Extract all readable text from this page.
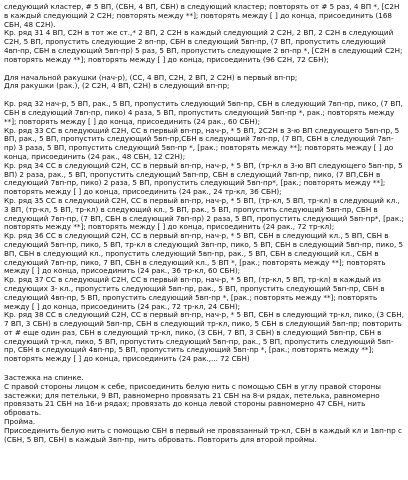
следующий кластер, # 5 ВП, (СБН, 4 ВП, СБН) в следующий кластер; повторять от # 5 раз, 4 ВП *, [С2Н в каждый следующий 2 С2Н; повторять между **]; повторять между [ ] до конца, присоединить (168 СБН, 48 С2Н).

Кр. ряд 31 4 ВП, С2Н в тот же ст.,* 2 ВП, 2 С2Н в каждый следующий 2 С2Н, 2 ВП, 2 С2Н в следующий С2Н, 5 ВП, пропустить следующие 2 вп-пр, СБН в следующий 5вп-пр, (7 ВП, пропустить следующий 4вп-пр, СБН в следующий 5вп-пр) 5 раз, 5 ВП, пропустить следующие 2 вп-пр *, [С2Н в следующий С2Н; повторять между **]; повторять между [ ] до конца, присоединить (96 С2Н, 72 СБН);

Для начальной ракушки (нач-р), (СС, 4 ВП, С2Н, 2 ВП, 2 С2Н) в первый вп-пр;

Для ракушки (рак.), (2 С2Н, 4 ВП, С2Н) в следующий вп-пр;

Кр. ряд 32 нач-р, 5 ВП, рак., 5 ВП, пропустить следующий 5вп-пр, СБН в следующий 7вп-пр, пико, (7 ВП, СБН в следующий 7вп-пр, пико) 4 раза, 5 ВП, пропустить следующий 5вп-пр *, рак.; повторять между **]; повторять между [ ] до конца, присоединить (24 рак., 60 СБН);

Кр. ряд 33 СС в следующий С2Н, СС в первый вп-пр, нач-р, * 5 ВП, 2С2Н в 3-ю ВП следующего 5вп-пр, 5 ВП, рак., 5 ВП, пропустить следующий 5вп-пр,СБН в следующий 7вп-пр, (7 ВП, СБН в следующий 7вп-пр) 3 раза, 5 ВП, пропустить следующий 5вп-пр *, [рак.; повторять между **]; повторять между [ ] до конца, присоединить (24 рак., 48 СБН, 12 С2Н);

Кр. ряд 34 СС в следующий С2Н, СС в первый вп-пр, нач-р, * 5 ВП, (тр-кл в 3-ю ВП следующего 5вп-пр, 5 ВП) 2 раза, рак., 5 ВП, пропустить следующий 5вп-пр, СБН в следующий 7вп-пр, пико, (7 ВП,СБН в следующий 7вп-пр, пико) 2 раза, 5 ВП, пропустить следующий 5вп-пр*, [рак.; повторять между **]; повторять между [ ] до конца, присоединить (24 рак., 24 тр-кл, 36 СБН);

Кр. ряд 35 СС в следующий С2Н, СС в первый вп-пр, нач-р, * 5 ВП, (тр-кл, 5 ВП, тр-кл) в следующий кл., 3 ВП, (тр-кл, 5 ВП, тр-кл) в следующий кл., 5 ВП, рак., 5 ВП, пропустить следующий 5вп-пр, СБН в следующий 7вп-пр, (7 ВП, СБН в следующий 7вп-пр) 2 раза, 5 ВП, пропустить следующий 5вп-пр*, [рак.; повторять между **]; повторять между [ ] до конца, присоединить (24 рак., 72 тр-кл);

Кр. ряд 36 СС в следующий С2Н, СС в первый вп-пр, нач-р, * 5 ВП, СБН в следующий кл., 5 ВП, СБН в следующий 5вп-пр, пико, 5 ВП, тр-кл в следующий 3вп-пр, пико, 5 ВП, СБН в следующий 5вп-пр, пико, 5 ВП, СБН в следующий кл., пропустить следующий 5вп-пр, рак., 5 ВП, СБН в следующий кл., СБН в следующий 7вп-пр, пико, 7 ВП, СБН в следующий кл., 5 ВП *, [рак.; повторять между **]; повторять между [ ] до конца, присоединить (24 рак., 36 тр-кл, 60 СБН);

Кр. ряд 37 СС в следующий С2Н, СС в первый вп-пр, нач-р, * 5 ВП, (тр-кл, 5 ВП, тр-кл) в каждый из следующих 3- кл., пропустить следующий 5вп-пр, рак., 5 ВП, пропустить следующий 5вп-пр, СБН в следующий 4вп-пр, 5 ВП, пропустить следующий 5вп-пр *, [рак.; повторять между **]; повторять между [ ] до конца, присоединить (24 рак., 72 тр-кл, 24 СБН);

Кр. ряд 38 СС в следующий С2Н, СС в первый вп-пр, нач-р, * 5 ВП, СБН в следующий тр-кл, пико, (3 СБН, 7 ВП, 3 СБН) в следующий 5вп-пр, СБН в следующий тр-кл, пико, 5 СБН в следующий 5вп-пр; повторить от # еще один раз, СБН в следующий тр-кл, пико, (3 СБН, 7 ВП, 3 СБН) в следующий 5вп-пр, СБН в следующий тр-кл, пико, 5 ВП, пропустить следующий 5вп-пр, рак., 5 ВП, пропустить следующий 5вп-пр, СБН в следующий 4вп-пр, 5 ВП, пропустить следующий 5вп-пр *, [рак.; повторять между **]; повторять между [ ] до конца, присоединить (24 рак.,... 72 СБН)

Застежка на спинке.

С правой стороны лицом к себе, присоединить белую нить с помощью СБН в углу правой стороны застежки; для петельки, 9 ВП, равномерно провязать 21 СБН на 8-и рядах, петелька, равномерно провязать 21 СБН на 16-и рядах; провязать до конца левой стороны равномерно 47 СБН, нить обровать.

Пройма.

Присоединить белую нить с помощью СБН в первый не провязанный тр-кл, СБН в каждый кл и 1вп-пр с (СБН, 5 ВП, СБН) в каждый 3вп-пр, нить обровать. Повторить для второй проймы.
